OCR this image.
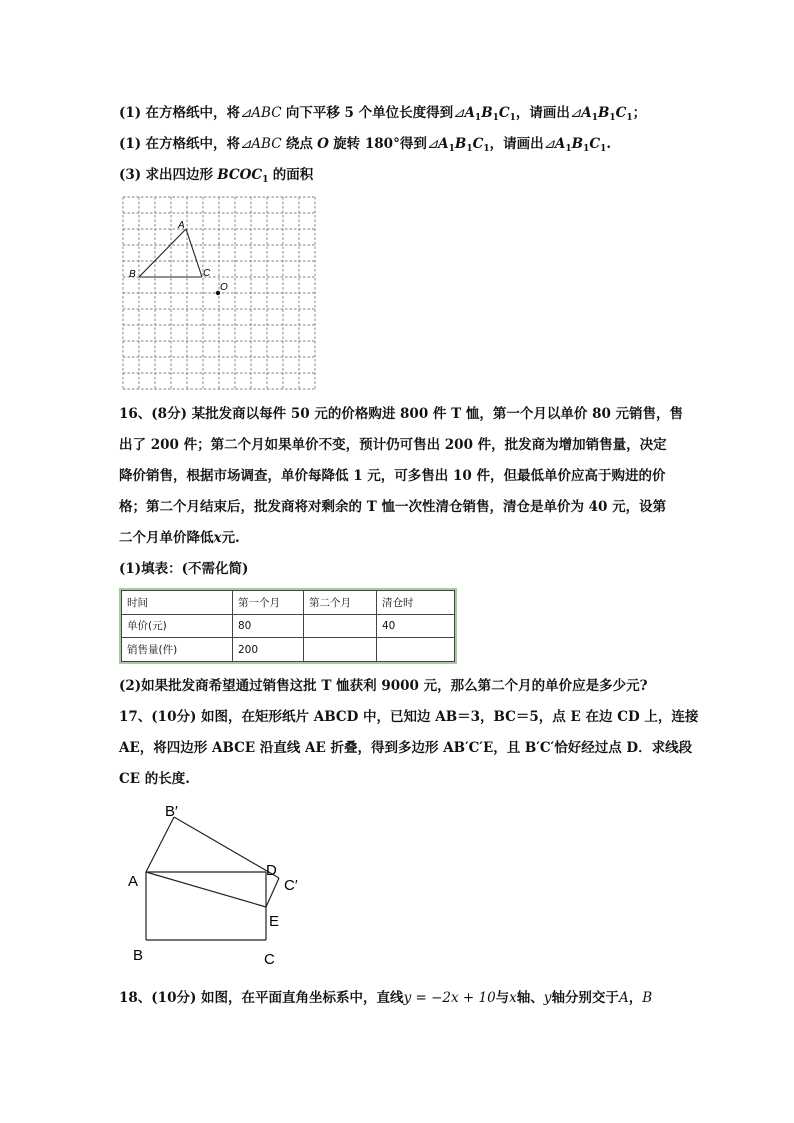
(1) 在方格纸中，将⊿ABC 向下平移 5 个单位长度得到$⊿A_1B_1C_1$，请画出$⊿A_1B_1C_1$；
(1) 在方格纸中，将⊿ABC 绕点 O 旋转 180°得到$⊿A_1B_1C_1$，请画出$⊿A_1B_1C_1$.
(3) 求出四边形 $BCOC_1$ 的面积
A
B	C
O
16、(8分) 某批发商以每件 50 元的价格购进 800 件 T 恤，第一个月以单价 80 元销售，售
出了 200 件；第二个月如果单价不变，预计仍可售出 200 件，批发商为增加销售量，决定
降价销售，根据市场调查，单价每降低 1 元，可多售出 10 件，但最低单价应高于购进的价
格；第二个月结束后，批发商将对剩余的 T 恤一次性清仓销售，清仓是单价为 40 元，设第
二个月单价降低x元.
(1)填表：(不需化简)
时间	第一个月	第二个月	清仓时
单价(元)	80		40
销售量(件)	200		
(2)如果批发商希望通过销售这批 T 恤获利 9000 元，那么第二个月的单价应是多少元?
17、(10分) 如图，在矩形纸片 ABCD 中，已知边 AB＝3，BC＝5，点 E 在边 CD 上，连接
AE，将四边形 ABCE 沿直线 AE 折叠，得到多边形 AB′C′E，且 B′C′恰好经过点 D．求线段
CE 的长度.
B′
A
D
C′
E
B	C
18、(10分) 如图，在平面直角坐标系中，直线y = −2x + 10与x轴、y轴分别交于A，B
